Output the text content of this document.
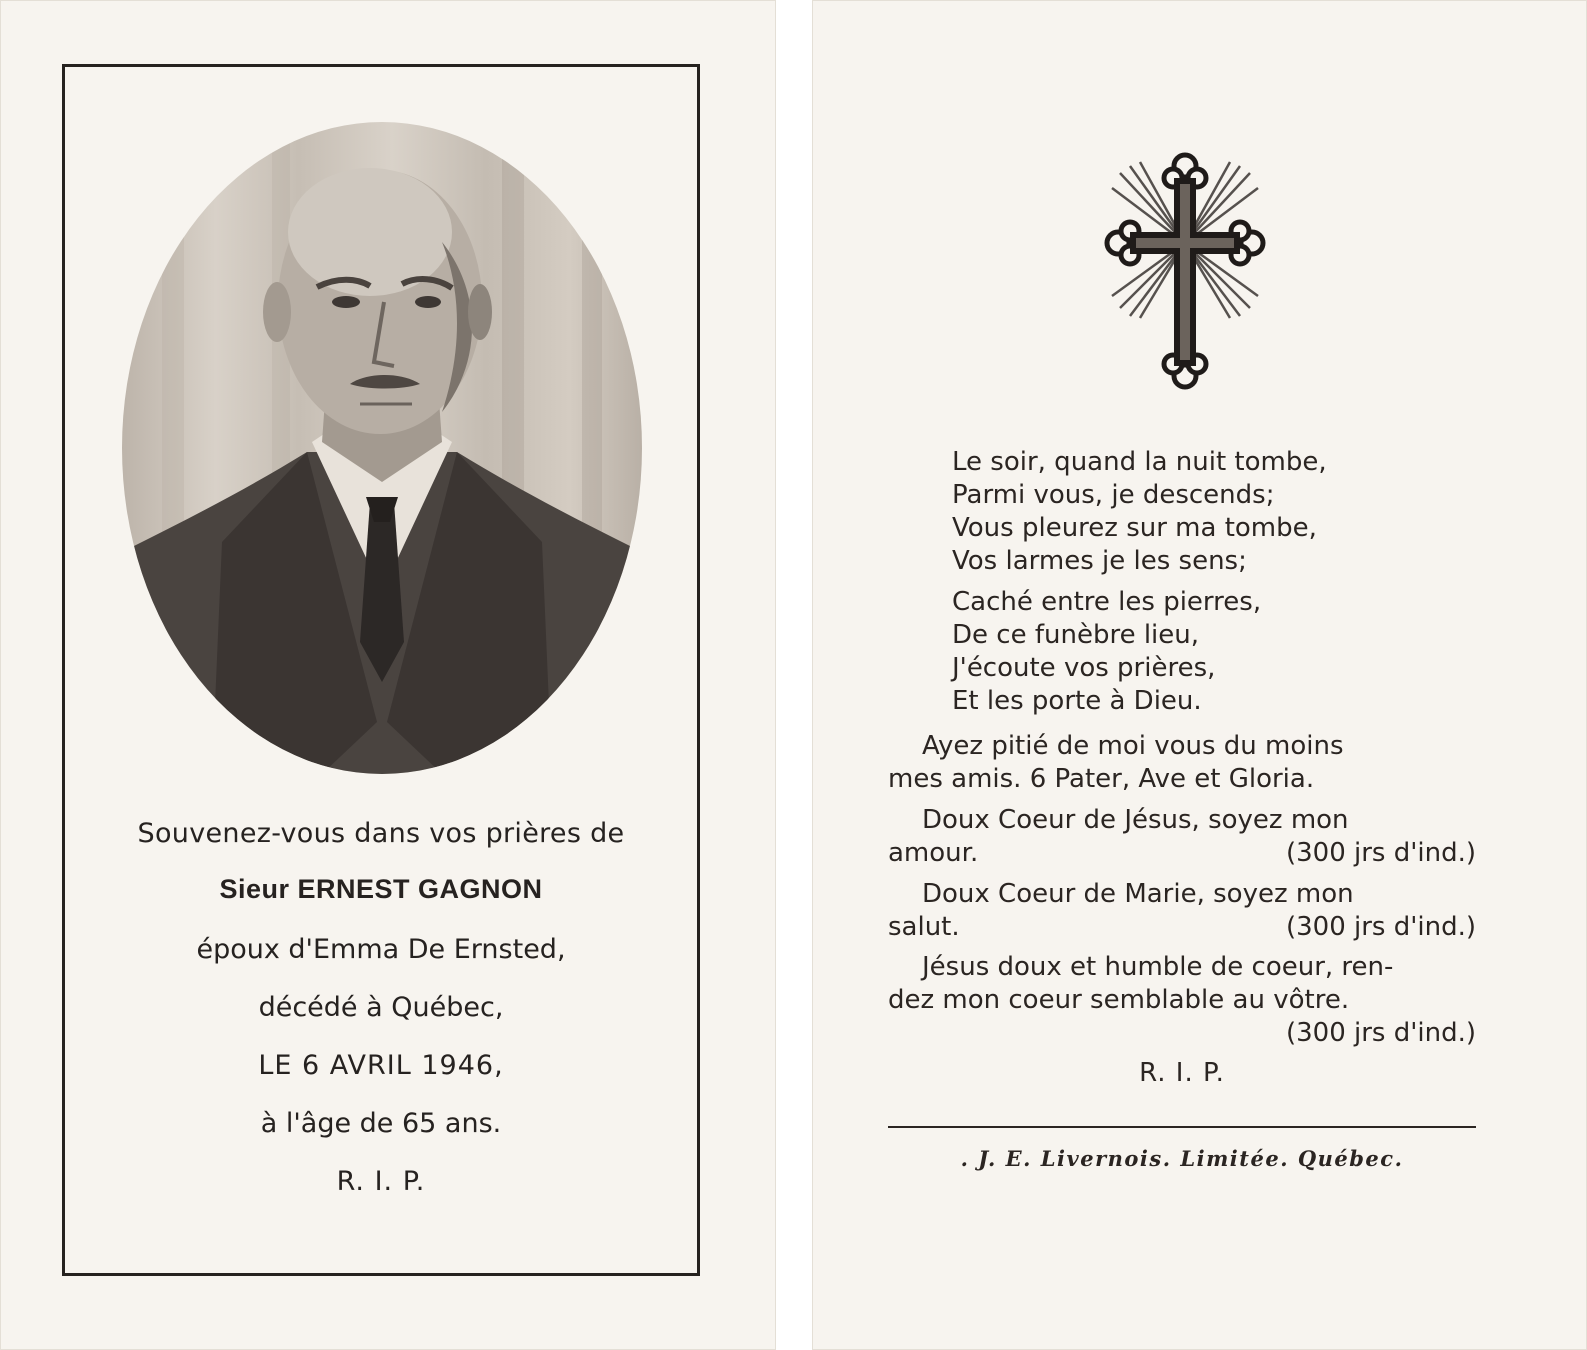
Souvenez-vous dans vos prières de
Sieur ERNEST GAGNON
époux d'Emma De Ernsted,
décédé à Québec,
LE 6 AVRIL 1946,
à l'âge de 65 ans.
R. I. P.
Le soir, quand la nuit tombe,
Parmi vous, je descends;
Vous pleurez sur ma tombe,
Vos larmes je les sens;
Caché entre les pierres,
De ce funèbre lieu,
J'écoute vos prières,
Et les porte à Dieu.
Ayez pitié de moi vous du moins
mes amis. 6 Pater, Ave et Gloria.
Doux Coeur de Jésus, soyez mon
amour.	(300 jrs d'ind.)
Doux Coeur de Marie, soyez mon
salut.	(300 jrs d'ind.)
Jésus doux et humble de coeur, ren-
dez mon coeur semblable au vôtre.
(300 jrs d'ind.)
R. I. P.
. J. E. Livernois. Limitée. Québec.
